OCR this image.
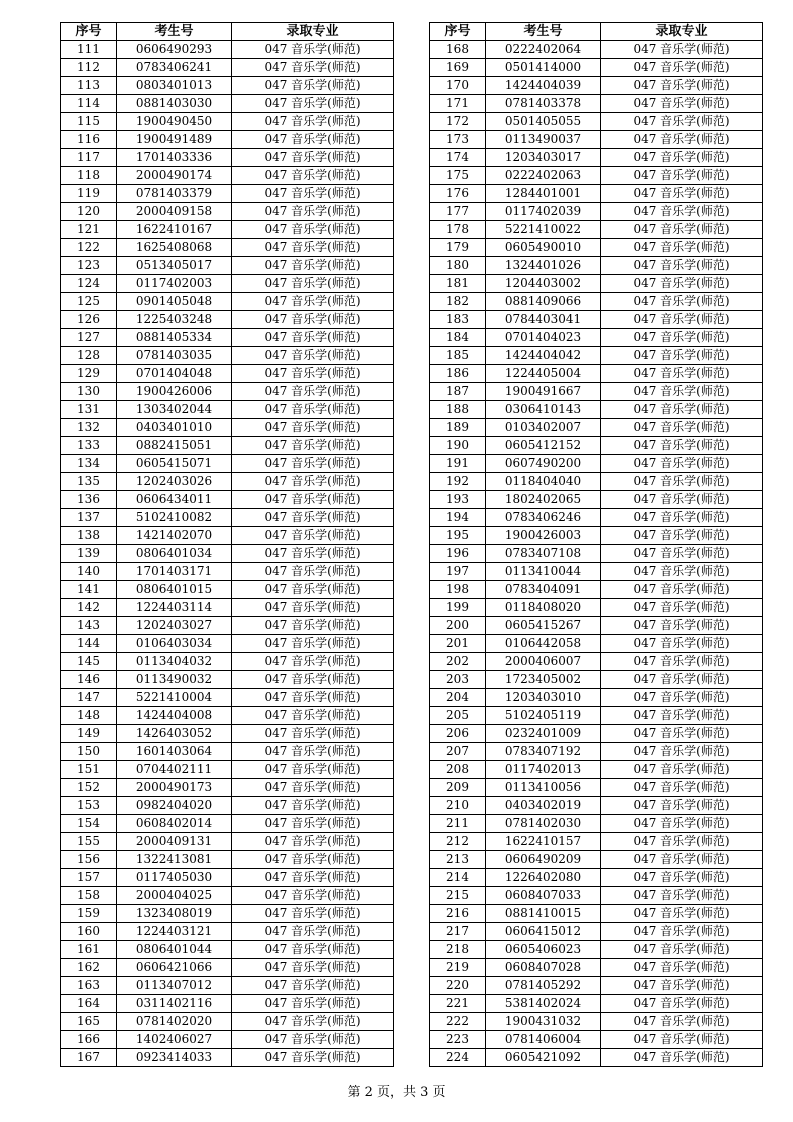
序号	考生号	录取专业
111	0606490293	047 音乐学(师范)
112	0783406241	047 音乐学(师范)
113	0803401013	047 音乐学(师范)
114	0881403030	047 音乐学(师范)
115	1900490450	047 音乐学(师范)
116	1900491489	047 音乐学(师范)
117	1701403336	047 音乐学(师范)
118	2000490174	047 音乐学(师范)
119	0781403379	047 音乐学(师范)
120	2000409158	047 音乐学(师范)
121	1622410167	047 音乐学(师范)
122	1625408068	047 音乐学(师范)
123	0513405017	047 音乐学(师范)
124	0117402003	047 音乐学(师范)
125	0901405048	047 音乐学(师范)
126	1225403248	047 音乐学(师范)
127	0881405334	047 音乐学(师范)
128	0781403035	047 音乐学(师范)
129	0701404048	047 音乐学(师范)
130	1900426006	047 音乐学(师范)
131	1303402044	047 音乐学(师范)
132	0403401010	047 音乐学(师范)
133	0882415051	047 音乐学(师范)
134	0605415071	047 音乐学(师范)
135	1202403026	047 音乐学(师范)
136	0606434011	047 音乐学(师范)
137	5102410082	047 音乐学(师范)
138	1421402070	047 音乐学(师范)
139	0806401034	047 音乐学(师范)
140	1701403171	047 音乐学(师范)
141	0806401015	047 音乐学(师范)
142	1224403114	047 音乐学(师范)
143	1202403027	047 音乐学(师范)
144	0106403034	047 音乐学(师范)
145	0113404032	047 音乐学(师范)
146	0113490032	047 音乐学(师范)
147	5221410004	047 音乐学(师范)
148	1424404008	047 音乐学(师范)
149	1426403052	047 音乐学(师范)
150	1601403064	047 音乐学(师范)
151	0704402111	047 音乐学(师范)
152	2000490173	047 音乐学(师范)
153	0982404020	047 音乐学(师范)
154	0608402014	047 音乐学(师范)
155	2000409131	047 音乐学(师范)
156	1322413081	047 音乐学(师范)
157	0117405030	047 音乐学(师范)
158	2000404025	047 音乐学(师范)
159	1323408019	047 音乐学(师范)
160	1224403121	047 音乐学(师范)
161	0806401044	047 音乐学(师范)
162	0606421066	047 音乐学(师范)
163	0113407012	047 音乐学(师范)
164	0311402116	047 音乐学(师范)
165	0781402020	047 音乐学(师范)
166	1402406027	047 音乐学(师范)
167	0923414033	047 音乐学(师范)
序号	考生号	录取专业
168	0222402064	047 音乐学(师范)
169	0501414000	047 音乐学(师范)
170	1424404039	047 音乐学(师范)
171	0781403378	047 音乐学(师范)
172	0501405055	047 音乐学(师范)
173	0113490037	047 音乐学(师范)
174	1203403017	047 音乐学(师范)
175	0222402063	047 音乐学(师范)
176	1284401001	047 音乐学(师范)
177	0117402039	047 音乐学(师范)
178	5221410022	047 音乐学(师范)
179	0605490010	047 音乐学(师范)
180	1324401026	047 音乐学(师范)
181	1204403002	047 音乐学(师范)
182	0881409066	047 音乐学(师范)
183	0784403041	047 音乐学(师范)
184	0701404023	047 音乐学(师范)
185	1424404042	047 音乐学(师范)
186	1224405004	047 音乐学(师范)
187	1900491667	047 音乐学(师范)
188	0306410143	047 音乐学(师范)
189	0103402007	047 音乐学(师范)
190	0605412152	047 音乐学(师范)
191	0607490200	047 音乐学(师范)
192	0118404040	047 音乐学(师范)
193	1802402065	047 音乐学(师范)
194	0783406246	047 音乐学(师范)
195	1900426003	047 音乐学(师范)
196	0783407108	047 音乐学(师范)
197	0113410044	047 音乐学(师范)
198	0783404091	047 音乐学(师范)
199	0118408020	047 音乐学(师范)
200	0605415267	047 音乐学(师范)
201	0106442058	047 音乐学(师范)
202	2000406007	047 音乐学(师范)
203	1723405002	047 音乐学(师范)
204	1203403010	047 音乐学(师范)
205	5102405119	047 音乐学(师范)
206	0232401009	047 音乐学(师范)
207	0783407192	047 音乐学(师范)
208	0117402013	047 音乐学(师范)
209	0113410056	047 音乐学(师范)
210	0403402019	047 音乐学(师范)
211	0781402030	047 音乐学(师范)
212	1622410157	047 音乐学(师范)
213	0606490209	047 音乐学(师范)
214	1226402080	047 音乐学(师范)
215	0608407033	047 音乐学(师范)
216	0881410015	047 音乐学(师范)
217	0606415012	047 音乐学(师范)
218	0605406023	047 音乐学(师范)
219	0608407028	047 音乐学(师范)
220	0781405292	047 音乐学(师范)
221	5381402024	047 音乐学(师范)
222	1900431032	047 音乐学(师范)
223	0781406004	047 音乐学(师范)
224	0605421092	047 音乐学(师范)
第 2 页，共 3 页
